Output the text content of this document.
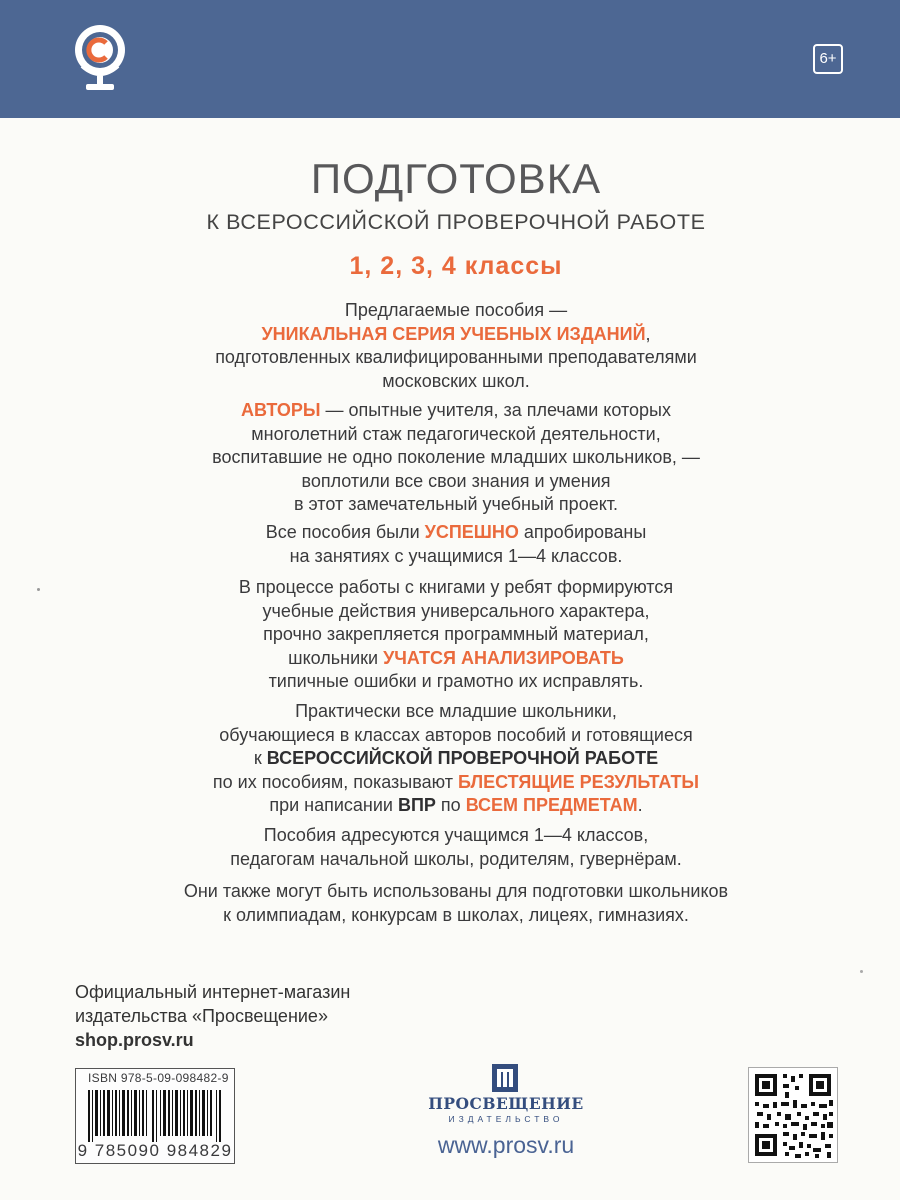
6+
ПОДГОТОВКА
К ВСЕРОССИЙСКОЙ ПРОВЕРОЧНОЙ РАБОТЕ
1, 2, 3, 4 классы
Предлагаемые пособия —
УНИКАЛЬНАЯ СЕРИЯ УЧЕБНЫХ ИЗДАНИЙ,
подготовленных квалифицированными преподавателями
московских школ.
АВТОРЫ — опытные учителя, за плечами которых
многолетний стаж педагогической деятельности,
воспитавшие не одно поколение младших школьников, —
воплотили все свои знания и умения
в этот замечательный учебный проект.
Все пособия были УСПЕШНО апробированы
на занятиях с учащимися 1—4 классов.
В процессе работы с книгами у ребят формируются
учебные действия универсального характера,
прочно закрепляется программный материал,
школьники УЧАТСЯ АНАЛИЗИРОВАТЬ
типичные ошибки и грамотно их исправлять.
Практически все младшие школьники,
обучающиеся в классах авторов пособий и готовящиеся
к ВСЕРОССИЙСКОЙ ПРОВЕРОЧНОЙ РАБОТЕ
по их пособиям, показывают БЛЕСТЯЩИЕ РЕЗУЛЬТАТЫ
при написании ВПР по ВСЕМ ПРЕДМЕТАМ.
Пособия адресуются учащимся 1—4 классов,
педагогам начальной школы, родителям, гувернёрам.
Они также могут быть использованы для подготовки школьников
к олимпиадам, конкурсам в школах, лицеях, гимназиях.
Официальный интернет-магазин
издательства «Просвещение»
shop.prosv.ru
ISBN 978-5-09-098482-9
9 785090 984829
ПРОСВЕЩЕНИЕ
ИЗДАТЕЛЬСТВО
www.prosv.ru
